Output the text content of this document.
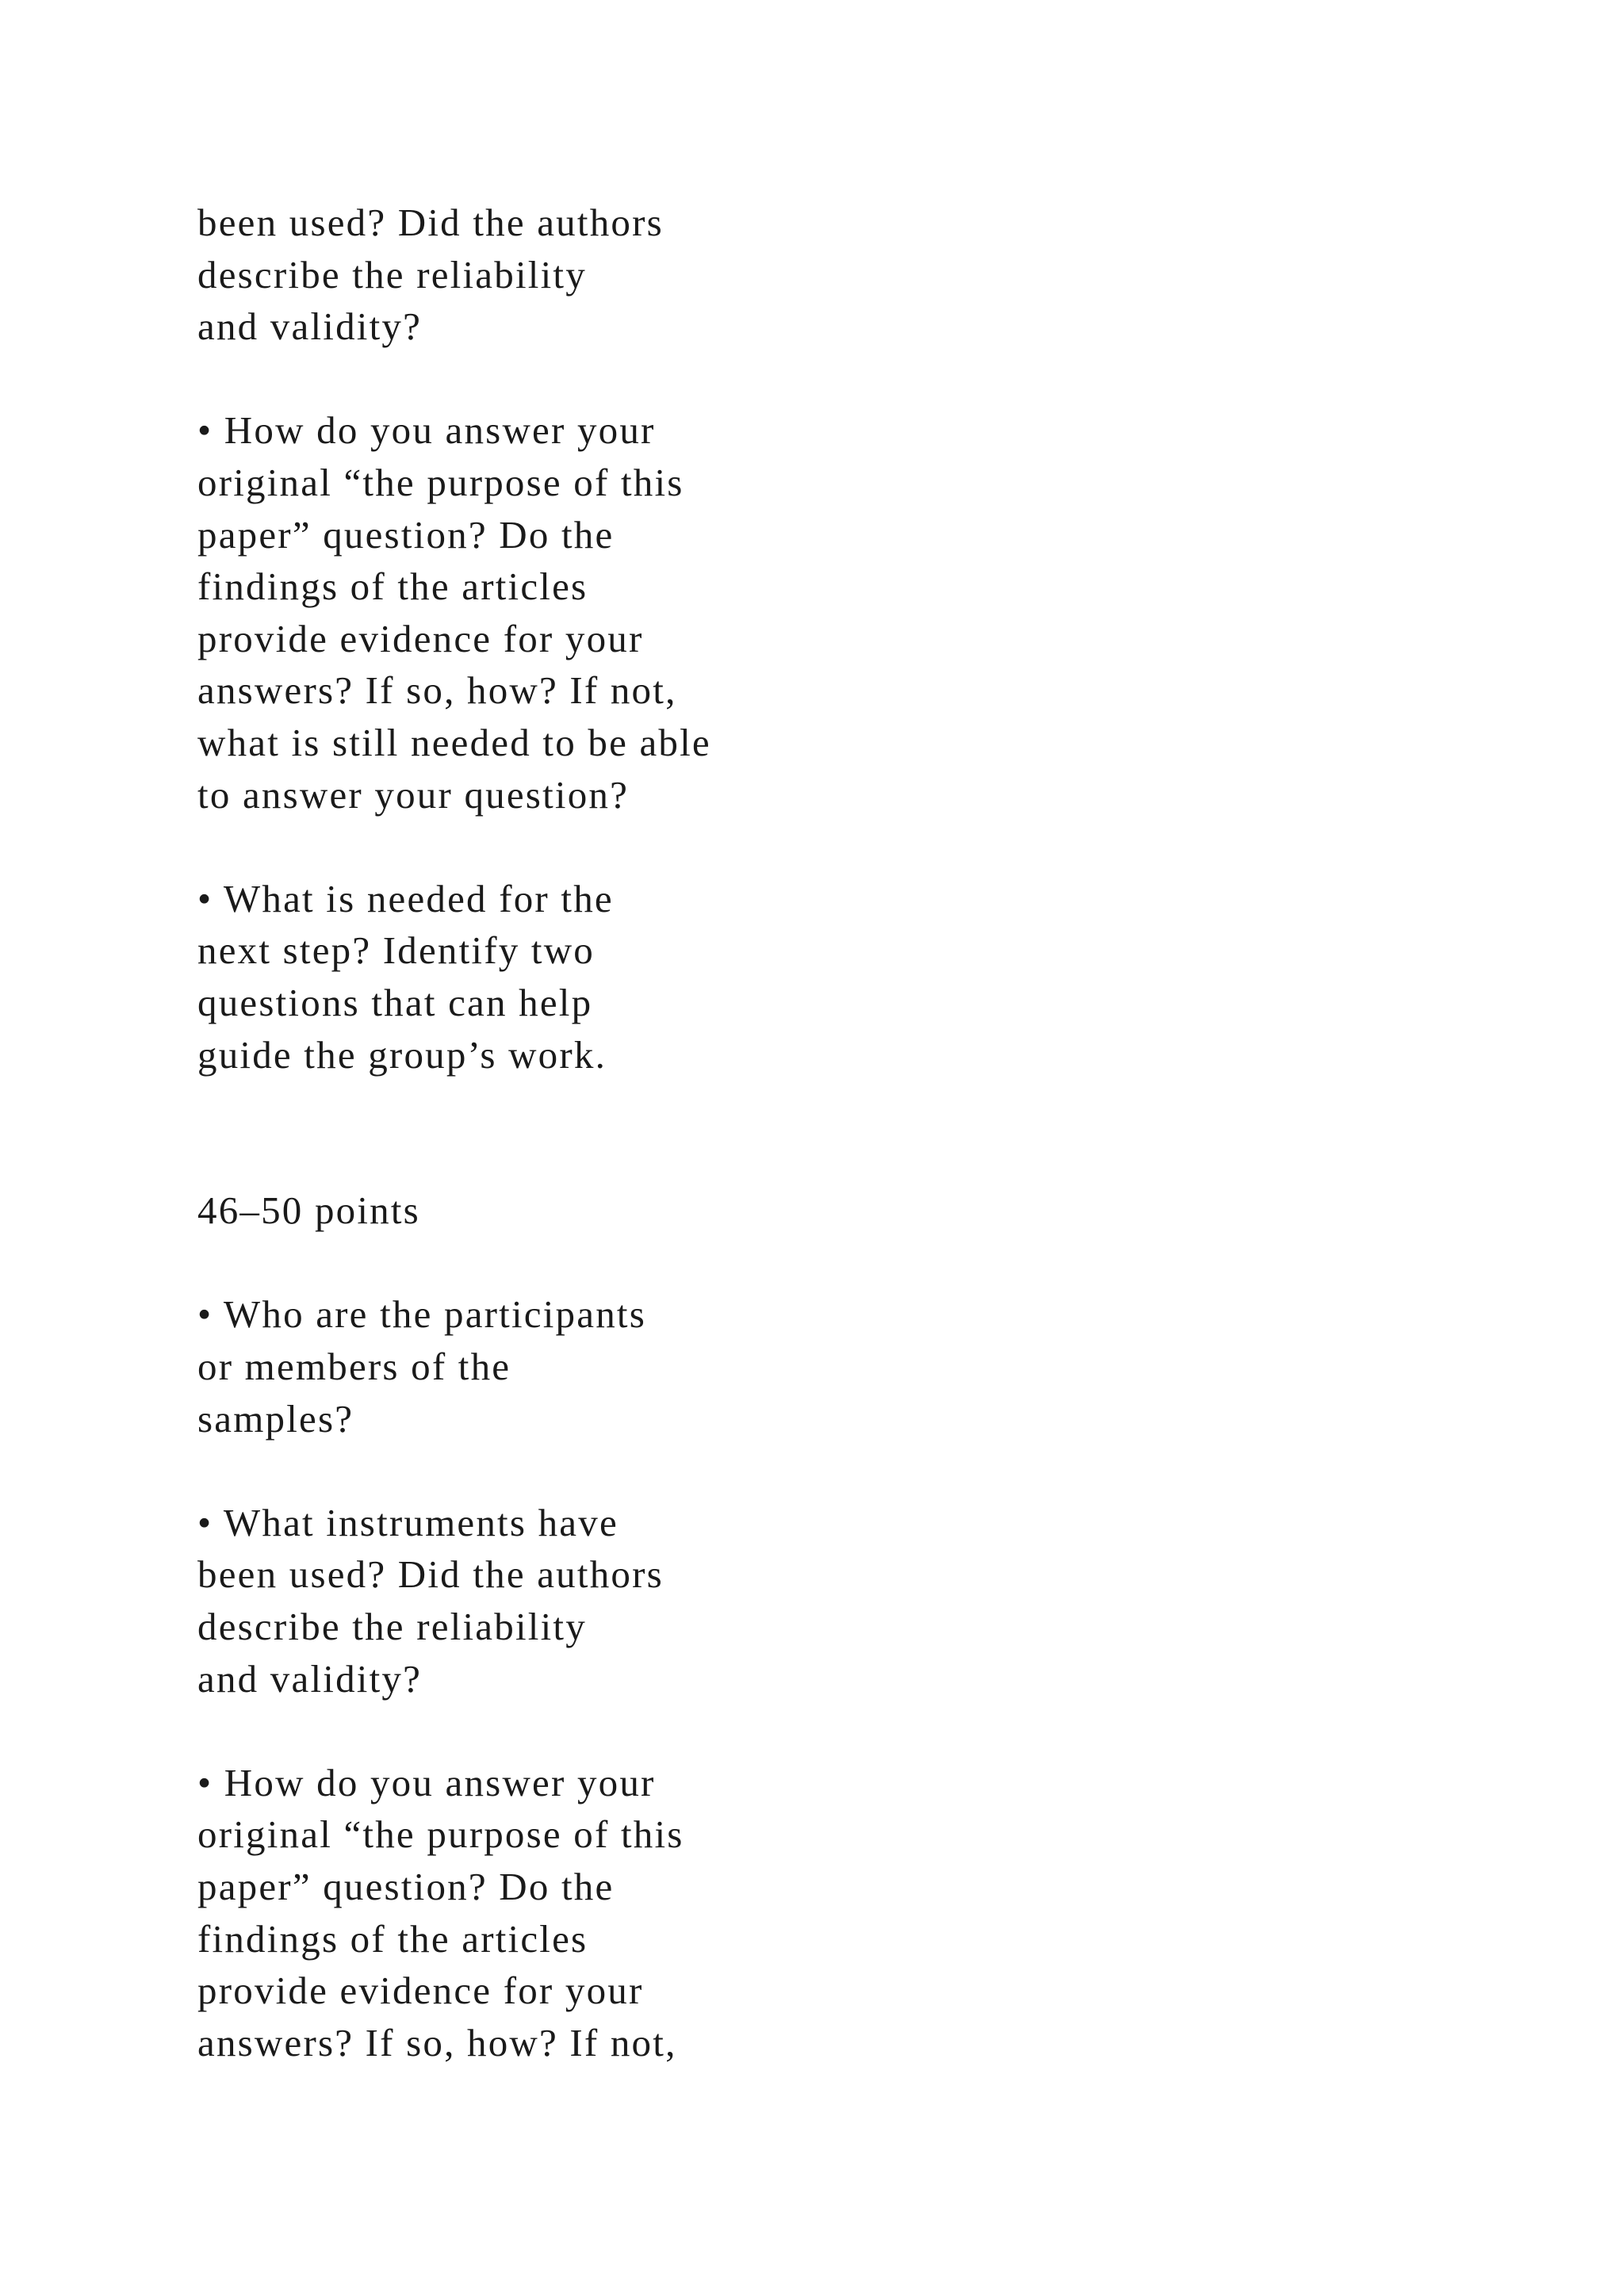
been used? Did the authors

describe the reliability

and validity?

• How do you answer your

original “the purpose of this

paper” question? Do the

findings of the articles

provide evidence for your

answers? If so, how? If not,

what is still needed to be able

to answer your question?

• What is needed for the

next step? Identify two

questions that can help

guide the group’s work.

46–50 points

• Who are the participants

or members of the

samples?

• What instruments have

been used? Did the authors

describe the reliability

and validity?

• How do you answer your

original “the purpose of this

paper” question? Do the

findings of the articles

provide evidence for your

answers? If so, how? If not,
